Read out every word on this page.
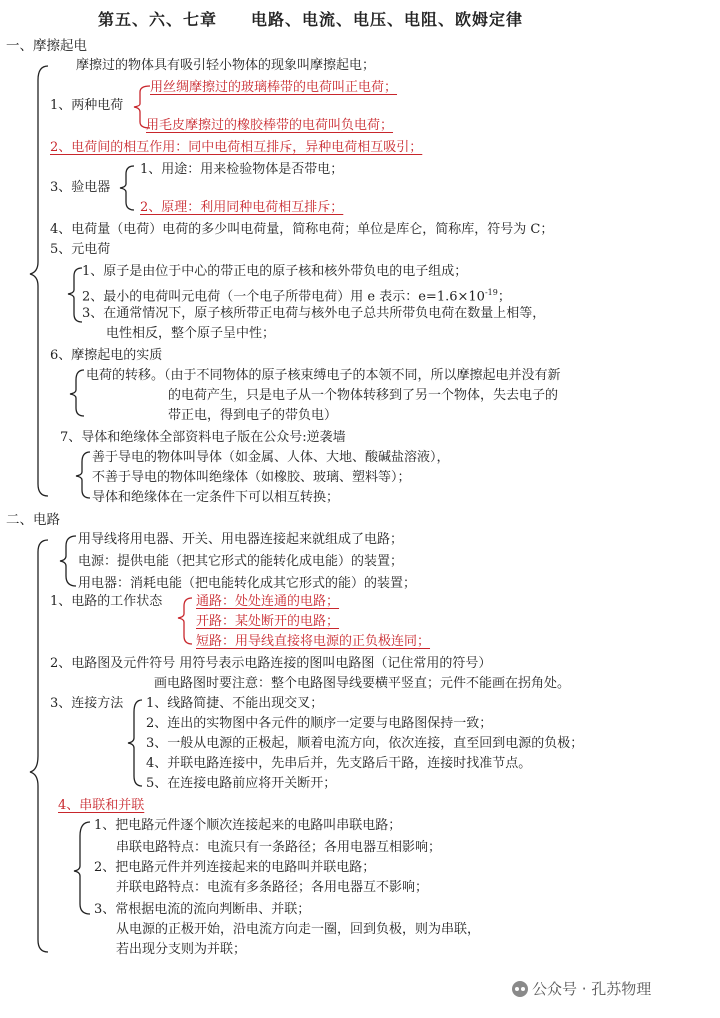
第五、六、七章　　电路、电流、电压、电阻、欧姆定律
一、摩擦起电
摩擦过的物体具有吸引轻小物体的现象叫摩擦起电；
1、两种电荷
用丝绸摩擦过的玻璃棒带的电荷叫正电荷；
用毛皮摩擦过的橡胶棒带的电荷叫负电荷；
2、电荷间的相互作用：同中电荷相互排斥，异种电荷相互吸引；
3、验电器
1、用途：用来检验物体是否带电；
2、原理：利用同种电荷相互排斥；
4、电荷量（电荷）电荷的多少叫电荷量，简称电荷；单位是库仑，简称库，符号为 C；
5、元电荷
1、原子是由位于中心的带正电的原子核和核外带负电的电子组成；
2、最小的电荷叫元电荷（一个电子所带电荷）用 e 表示：$e=1.6\times 10^{-19}$；
3、在通常情况下，原子核所带正电荷与核外电子总共所带负电荷在数量上相等，
电性相反，整个原子呈中性；
6、摩擦起电的实质
电荷的转移。（由于不同物体的原子核束缚电子的本领不同，所以摩擦起电并没有新
的电荷产生，只是电子从一个物体转移到了另一个物体，失去电子的
带正电，得到电子的带负电）
7、导体和绝缘体全部资料电子版在公众号:逆袭墙
善于导电的物体叫导体（如金属、人体、大地、酸碱盐溶液），
不善于导电的物体叫绝缘体（如橡胶、玻璃、塑料等）；
导体和绝缘体在一定条件下可以相互转换；
二、电路
用导线将用电器、开关、用电器连接起来就组成了电路；
电源：提供电能（把其它形式的能转化成电能）的装置；
用电器：消耗电能（把电能转化成其它形式的能）的装置；
1、电路的工作状态	通路：处处连通的电路；
开路：某处断开的电路；
短路：用导线直接将电源的正负极连同；
2、电路图及元件符号 用符号表示电路连接的图叫电路图（记住常用的符号）
画电路图时要注意：整个电路图导线要横平竖直；元件不能画在拐角处。
3、连接方法 1、线路简捷、不能出现交叉；
2、连出的实物图中各元件的顺序一定要与电路图保持一致；
3、一般从电源的正极起，顺着电流方向，依次连接，直至回到电源的负极；
4、并联电路连接中，先串后并，先支路后干路，连接时找准节点。
5、在连接电路前应将开关断开；
4、串联和并联
1、把电路元件逐个顺次连接起来的电路叫串联电路；
串联电路特点：电流只有一条路径；各用电器互相影响；
2、把电路元件并列连接起来的电路叫并联电路；
并联电路特点：电流有多条路径；各用电器互不影响；
3、常根据电流的流向判断串、并联；
从电源的正极开始，沿电流方向走一圈，回到负极，则为串联，
若出现分支则为并联；
公众号 · 孔苏物理
